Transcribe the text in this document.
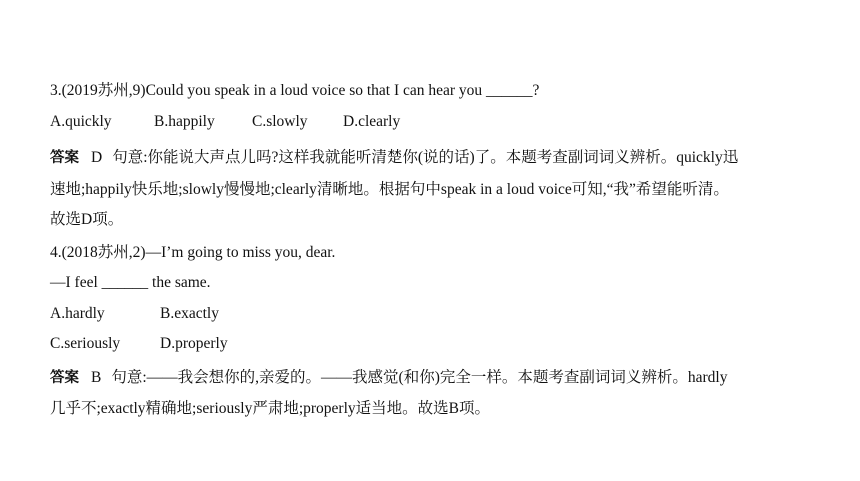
3.(2019苏州,9)Could you speak in a loud voice so that I can hear you ______?
A.quickly	B.happily C.slowly D.clearly
答案 D 句意:你能说大声点儿吗?这样我就能听清楚你(说的话)了。本题考查副词词义辨析。quickly迅
速地;happily快乐地;slowly慢慢地;clearly清晰地。根据句中speak in a loud voice可知,“我”希望能听清。
故选D项。
4.(2018苏州,2)—I’m going to miss you, dear.
—I feel ______ the same.
A.hardly	B.exactly
C.seriously	D.properly
答案 B 句意:——我会想你的,亲爱的。——我感觉(和你)完全一样。本题考查副词词义辨析。hardly
几乎不;exactly精确地;seriously严肃地;properly适当地。故选B项。
